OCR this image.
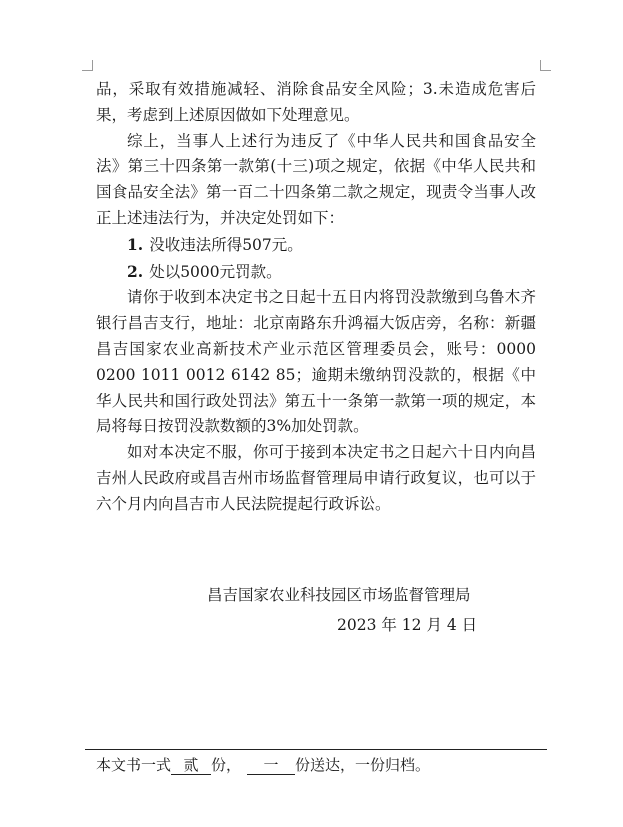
品，采取有效措施减轻、消除食品安全风险；3.未造成危害后果，考虑到上述原因做如下处理意见。

综上，当事人上述行为违反了《中华人民共和国食品安全法》第三十四条第一款第(十三)项之规定，依据《中华人民共和国食品安全法》第一百二十四条第二款之规定，现责令当事人改正上述违法行为，并决定处罚如下：

1. 没收违法所得507元。

2. 处以5000元罚款。

请你于收到本决定书之日起十五日内将罚没款缴到乌鲁木齐银行昌吉支行，地址：北京南路东升鸿福大饭店旁，名称：新疆昌吉国家农业高新技术产业示范区管理委员会，账号：0000 0200 1011 0012 6142 85；逾期未缴纳罚没款的，根据《中华人民共和国行政处罚法》第五十一条第一款第一项的规定，本局将每日按罚没款数额的3%加处罚款。

如对本决定不服，你可于接到本决定书之日起六十日内向昌吉州人民政府或昌吉州市场监督管理局申请行政复议，也可以于六个月内向昌吉市人民法院提起行政诉讼。

昌吉国家农业科技园区市场监督管理局
2023 年 12 月 4 日
本文书一式 贰 份， 一 份送达，一份归档。
